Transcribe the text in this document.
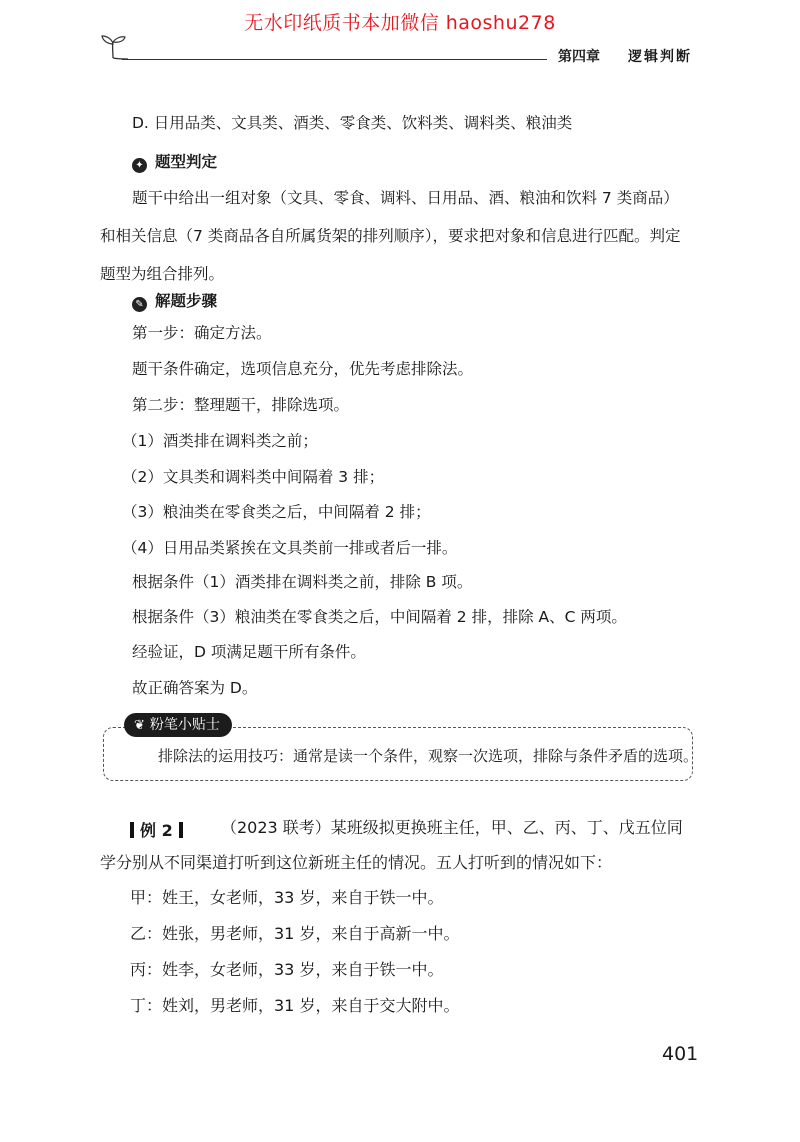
无水印纸质书本加微信 haoshu278
第四章 逻辑判断
D. 日用品类、文具类、酒类、零食类、饮料类、调料类、粮油类
✦ 题型判定
题干中给出一组对象（文具、零食、调料、日用品、酒、粮油和饮料 7 类商品）和相关信息（7 类商品各自所属货架的排列顺序），要求把对象和信息进行匹配。判定题型为组合排列。
✎ 解题步骤
第一步：确定方法。
题干条件确定，选项信息充分，优先考虑排除法。
第二步：整理题干，排除选项。
（1）酒类排在调料类之前；
（2）文具类和调料类中间隔着 3 排；
（3）粮油类在零食类之后，中间隔着 2 排；
（4）日用品类紧挨在文具类前一排或者后一排。
根据条件（1）酒类排在调料类之前，排除 B 项。
根据条件（3）粮油类在零食类之后，中间隔着 2 排，排除 A、C 两项。
经验证，D 项满足题干所有条件。
故正确答案为 D。
❦ 粉笔小贴士
排除法的运用技巧：通常是读一个条件，观察一次选项，排除与条件矛盾的选项。
例 2	（2023 联考）某班级拟更换班主任，甲、乙、丙、丁、戊五位同学分别从不同渠道打听到这位新班主任的情况。五人打听到的情况如下：
甲：姓王，女老师，33 岁，来自于铁一中。
乙：姓张，男老师，31 岁，来自于高新一中。
丙：姓李，女老师，33 岁，来自于铁一中。
丁：姓刘，男老师，31 岁，来自于交大附中。
401
